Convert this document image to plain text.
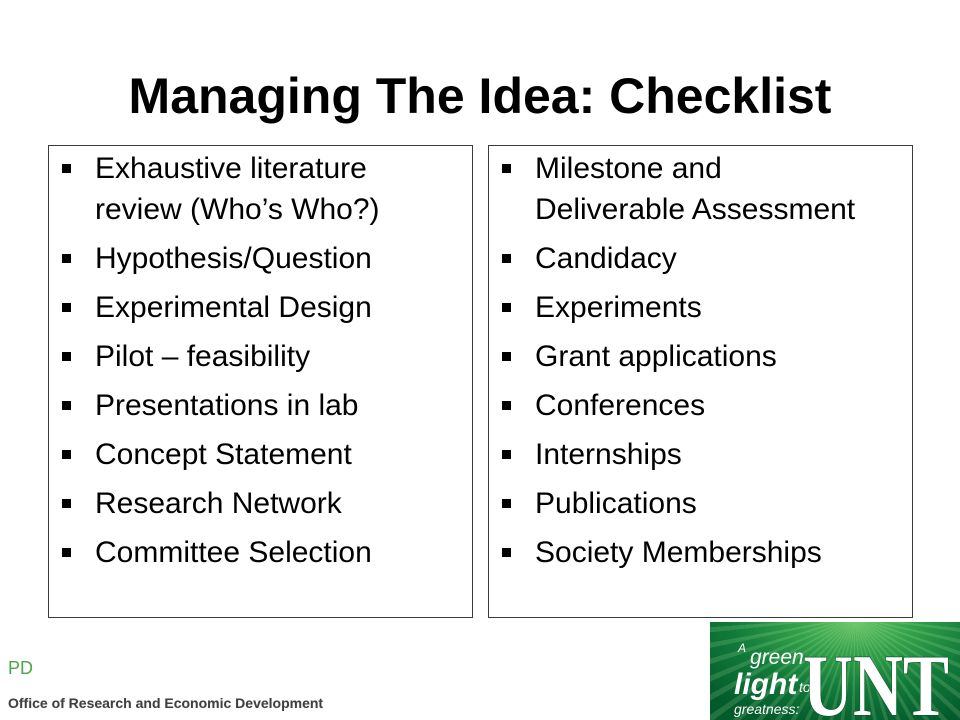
Managing The Idea: Checklist
Exhaustive literature review (Who’s Who?)
Hypothesis/Question
Experimental Design
Pilot – feasibility
Presentations in lab
Concept Statement
Research Network
Committee Selection
Milestone and Deliverable Assessment
Candidacy
Experiments
Grant applications
Conferences
Internships
Publications
Society Memberships
PD
Office of Research and Economic Development
A green
light to
greatness: UNT
